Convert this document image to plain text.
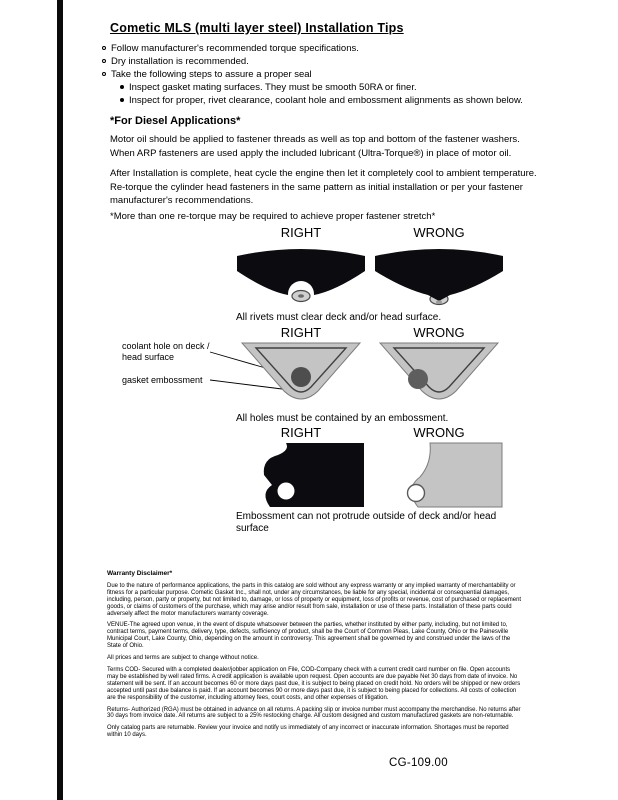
Cometic MLS (multi layer steel) Installation Tips
Follow manufacturer's recommended torque specifications.
Dry installation is recommended.
Take the following steps to assure a proper seal
Inspect gasket mating surfaces. They must be smooth 50RA or finer.
Inspect for proper, rivet clearance, coolant hole and embossment alignments as shown below.
*For Diesel Applications*

Motor oil should be applied to fastener threads as well as top and bottom of the fastener washers. When ARP fasteners are used apply the included lubricant (Ultra-Torque®) in place of motor oil.

After Installation is complete, heat cycle the engine then let it completely cool to ambient temperature. Re-torque the cylinder head fasteners in the same pattern as initial installation or per your fastener manufacturer's recommendations.

*More than one re-torque may be required to achieve proper fastener stretch*

RIGHT	WRONG
All rivets must clear deck and/or head surface.
RIGHT	WRONG
coolant hole on deck / head surface
gasket embossment
All holes must be contained by an embossment.
RIGHT	WRONG
Embossment can not protrude outside of deck and/or head surface
Warranty Disclaimer*

Due to the nature of performance applications, the parts in this catalog are sold without any express warranty or any implied warranty of merchantability or fitness for a particular purpose. Cometic Gasket Inc., shall not, under any circumstances, be liable for any special, incidental or consequential damages, including, person, party or property, but not limited to, damage, or loss of property or equipment, loss of profits or revenue, cost of purchased or replacement goods, or claims of customers of the purchase, which may arise and/or result from sale, installation or use of these parts. Installation of these parts could adversely affect the motor manufacturers warranty coverage.

VENUE-The agreed upon venue, in the event of dispute whatsoever between the parties, whether instituted by either party, including, but not limited to, contract terms, payment terms, delivery, type, defects, sufficiency of product, shall be the Court of Common Pleas, Lake County, Ohio or the Painesville Municipal Court, Lake County, Ohio, depending on the amount in controversy. This agreement shall be governed by and construed under the laws of the State of Ohio.

All prices and terms are subject to change without notice.

Terms COD- Secured with a completed dealer/jobber application on File, COD-Company check with a current credit card number on file. Open accounts may be established by well rated firms. A credit application is available upon request. Open accounts are due payable Net 30 days from date of invoice. No statement will be sent. If an account becomes 60 or more days past due, it is subject to being placed on credit hold. No orders will be shipped or new orders accepted until past due balance is paid. If an account becomes 90 or more days past due, it is subject to being placed for collections. All costs of collection are the responsibility of the customer, including attorney fees, court costs, and other expenses of litigation.

Returns- Authorized (RGA) must be obtained in advance on all returns. A packing slip or invoice number must accompany the merchandise. No returns after 30 days from invoice date. All returns are subject to a 25% restocking charge. All custom designed and custom manufactured gaskets are non-returnable.

Only catalog parts are returnable. Review your invoice and notify us immediately of any incorrect or inaccurate information. Shortages must be reported within 10 days.

CG-109.00
